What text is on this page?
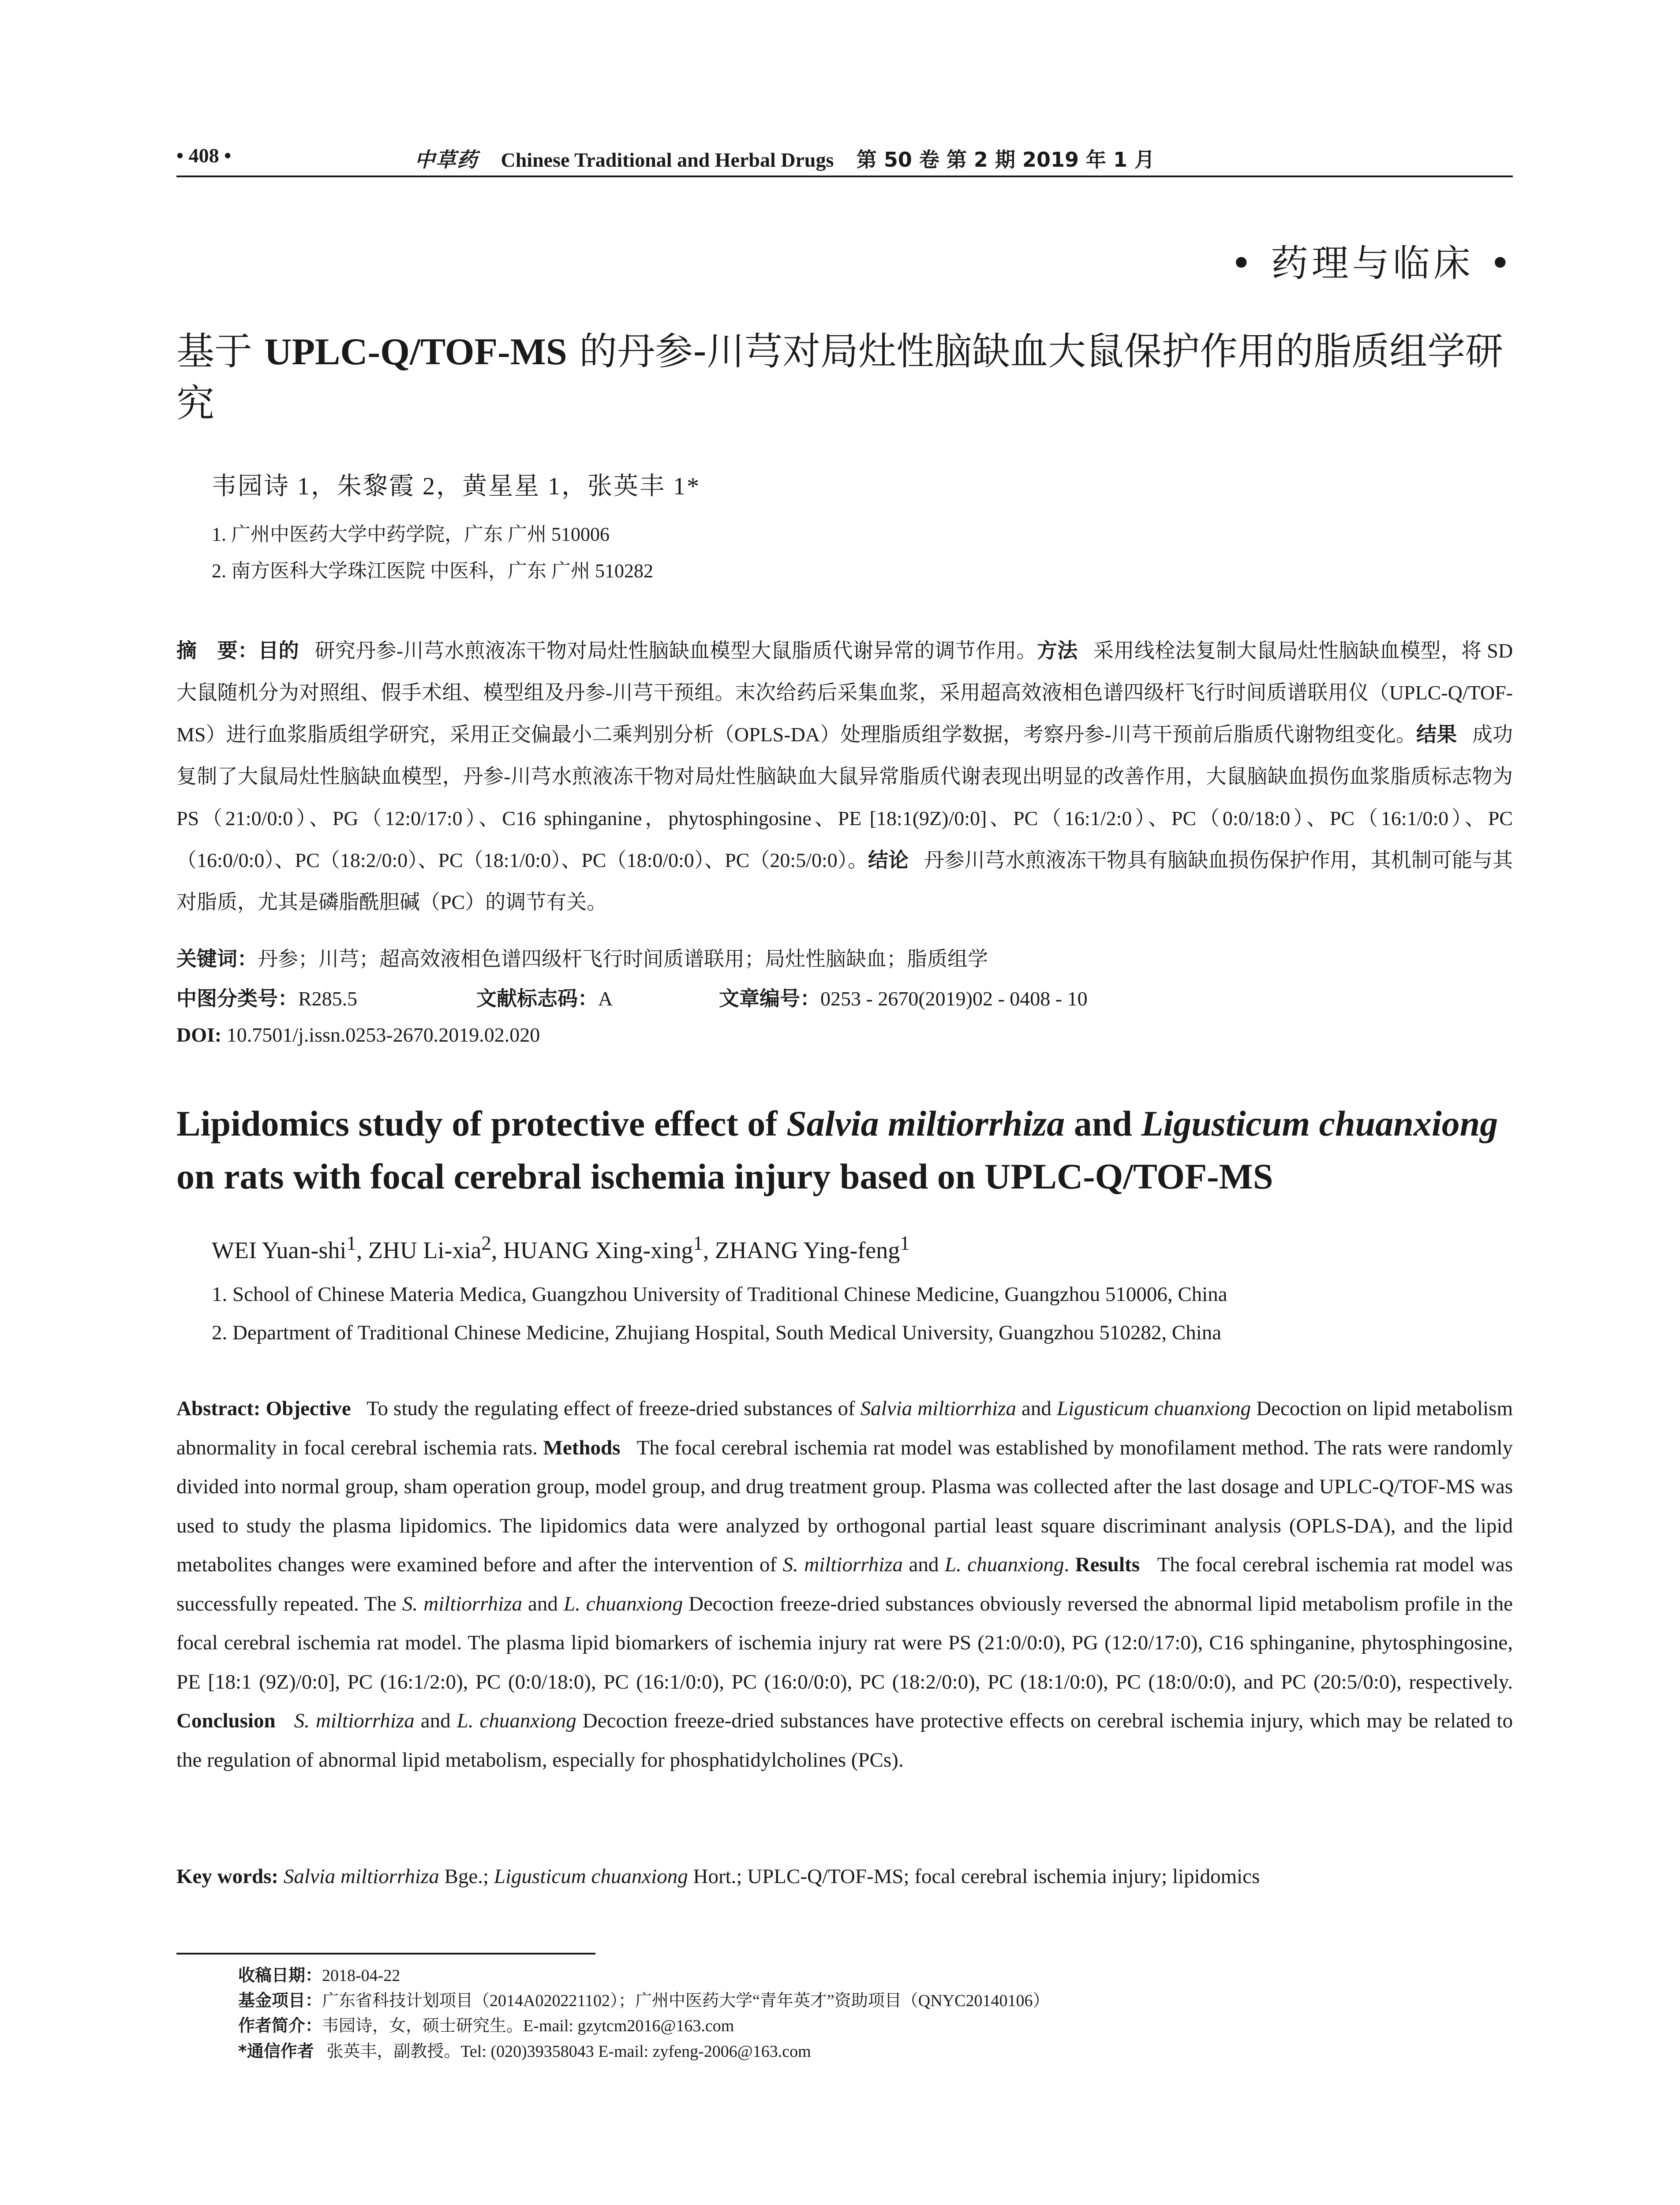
• 408 •	中草药 Chinese Traditional and Herbal Drugs 第 50 卷 第 2 期 2019 年 1 月
• 药理与临床 •
基于 UPLC-Q/TOF-MS 的丹参-川芎对局灶性脑缺血大鼠保护作用的脂质组学研究
韦园诗 1，朱黎霞 2，黄星星 1，张英丰 1*
1. 广州中医药大学中药学院，广东 广州 510006
2. 南方医科大学珠江医院 中医科，广东 广州 510282
摘　要：目的 研究丹参-川芎水煎液冻干物对局灶性脑缺血模型大鼠脂质代谢异常的调节作用。方法 采用线栓法复制大鼠局灶性脑缺血模型，将 SD 大鼠随机分为对照组、假手术组、模型组及丹参-川芎干预组。末次给药后采集血浆，采用超高效液相色谱四级杆飞行时间质谱联用仪（UPLC-Q/TOF-MS）进行血浆脂质组学研究，采用正交偏最小二乘判别分析（OPLS-DA）处理脂质组学数据，考察丹参-川芎干预前后脂质代谢物组变化。结果 成功复制了大鼠局灶性脑缺血模型，丹参-川芎水煎液冻干物对局灶性脑缺血大鼠异常脂质代谢表现出明显的改善作用，大鼠脑缺血损伤血浆脂质标志物为 PS（21:0/0:0）、PG（12:0/17:0）、C16 sphinganine，phytosphingosine、PE [18:1(9Z)/0:0]、PC（16:1/2:0）、PC（0:0/18:0）、PC（16:1/0:0）、PC（16:0/0:0）、PC（18:2/0:0）、PC（18:1/0:0）、PC（18:0/0:0）、PC（20:5/0:0）。结论 丹参川芎水煎液冻干物具有脑缺血损伤保护作用，其机制可能与其对脂质，尤其是磷脂酰胆碱（PC）的调节有关。
关键词：丹参；川芎；超高效液相色谱四级杆飞行时间质谱联用；局灶性脑缺血；脂质组学
中图分类号：R285.5	文献标志码：A	文章编号：0253 - 2670(2019)02 - 0408 - 10
DOI: 10.7501/j.issn.0253-2670.2019.02.020
Lipidomics study of protective effect of Salvia miltiorrhiza and Ligusticum chuanxiong
on rats with focal cerebral ischemia injury based on UPLC-Q/TOF-MS
WEI Yuan-shi$^1$, ZHU Li-xia$^2$, HUANG Xing-xing$^1$, ZHANG Ying-feng$^1$
1. School of Chinese Materia Medica, Guangzhou University of Traditional Chinese Medicine, Guangzhou 510006, China
2. Department of Traditional Chinese Medicine, Zhujiang Hospital, South Medical University, Guangzhou 510282, China
Abstract: Objective To study the regulating effect of freeze-dried substances of Salvia miltiorrhiza and Ligusticum chuanxiong Decoction on lipid metabolism abnormality in focal cerebral ischemia rats. Methods The focal cerebral ischemia rat model was established by monofilament method. The rats were randomly divided into normal group, sham operation group, model group, and drug treatment group. Plasma was collected after the last dosage and UPLC-Q/TOF-MS was used to study the plasma lipidomics. The lipidomics data were analyzed by orthogonal partial least square discriminant analysis (OPLS-DA), and the lipid metabolites changes were examined before and after the intervention of S. miltiorrhiza and L. chuanxiong. Results The focal cerebral ischemia rat model was successfully repeated. The S. miltiorrhiza and L. chuanxiong Decoction freeze-dried substances obviously reversed the abnormal lipid metabolism profile in the focal cerebral ischemia rat model. The plasma lipid biomarkers of ischemia injury rat were PS (21:0/0:0), PG (12:0/17:0), C16 sphinganine, phytosphingosine, PE [18:1 (9Z)/0:0], PC (16:1/2:0), PC (0:0/18:0), PC (16:1/0:0), PC (16:0/0:0), PC (18:2/0:0), PC (18:1/0:0), PC (18:0/0:0), and PC (20:5/0:0), respectively. Conclusion S. miltiorrhiza and L. chuanxiong Decoction freeze-dried substances have protective effects on cerebral ischemia injury, which may be related to the regulation of abnormal lipid metabolism, especially for phosphatidylcholines (PCs).
Key words: Salvia miltiorrhiza Bge.; Ligusticum chuanxiong Hort.; UPLC-Q/TOF-MS; focal cerebral ischemia injury; lipidomics
收稿日期：2018-04-22
基金项目：广东省科技计划项目（2014A020221102）；广州中医药大学“青年英才”资助项目（QNYC20140106）
作者简介：韦园诗，女，硕士研究生。E-mail: gzytcm2016@163.com
*通信作者 张英丰，副教授。Tel: (020)39358043 E-mail: zyfeng-2006@163.com
